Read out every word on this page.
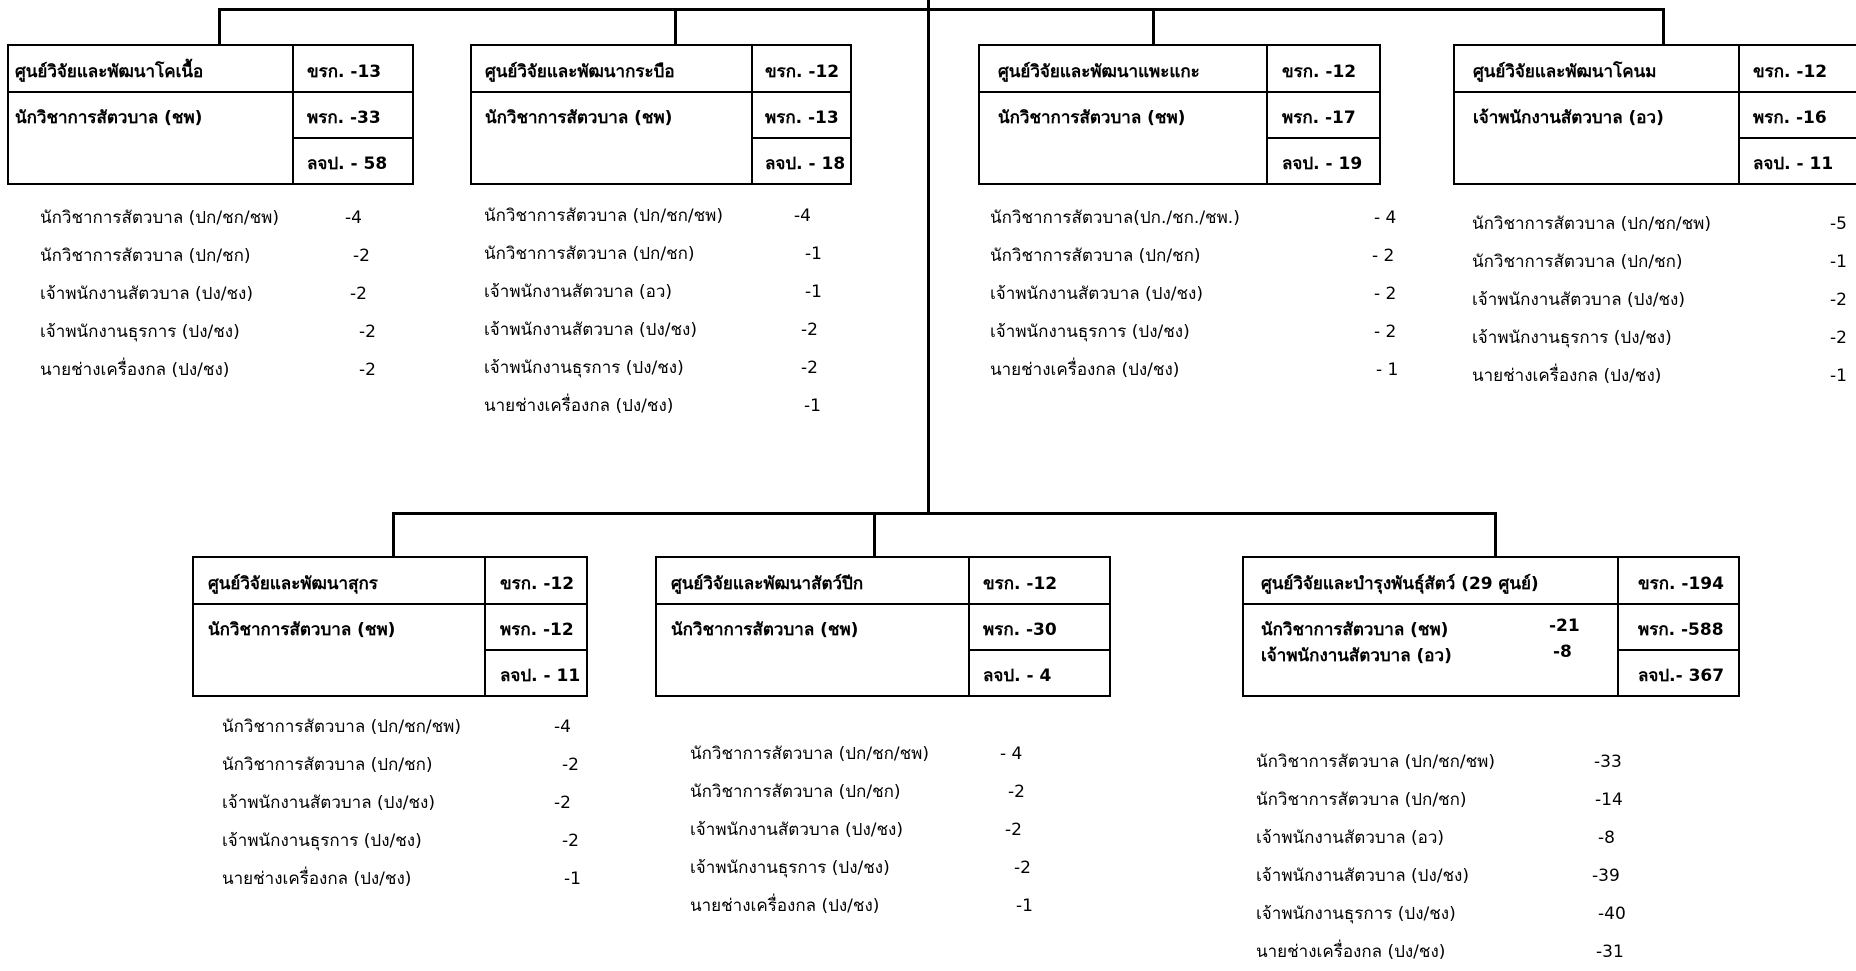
ศูนย์วิจัยและพัฒนาโคเนื้อ
นักวิชาการสัตวบาล (ชพ)
ขรก. -13
พรก. -33
ลจป. - 58
นักวิชาการสัตวบาล (ปก/ชก/ชพ)	-4
นักวิชาการสัตวบาล (ปก/ชก)	-2
เจ้าพนักงานสัตวบาล (ปง/ชง)	-2
เจ้าพนักงานธุรการ (ปง/ชง)	-2
นายช่างเครื่องกล (ปง/ชง)	-2
ศูนย์วิจัยและพัฒนากระบือ
นักวิชาการสัตวบาล (ชพ)
ขรก. -12
พรก. -13
ลจป. - 18
นักวิชาการสัตวบาล (ปก/ชก/ชพ)	-4
นักวิชาการสัตวบาล (ปก/ชก)	-1
เจ้าพนักงานสัตวบาล (อว)	-1
เจ้าพนักงานสัตวบาล (ปง/ชง)	-2
เจ้าพนักงานธุรการ (ปง/ชง)	-2
นายช่างเครื่องกล (ปง/ชง)	-1
ศูนย์วิจัยและพัฒนาแพะแกะ
นักวิชาการสัตวบาล (ชพ)
ขรก. -12
พรก. -17
ลจป. - 19
นักวิชาการสัตวบาล(ปก./ชก./ชพ.)	- 4
นักวิชาการสัตวบาล (ปก/ชก)	- 2
เจ้าพนักงานสัตวบาล (ปง/ชง)	- 2
เจ้าพนักงานธุรการ (ปง/ชง)	- 2
นายช่างเครื่องกล (ปง/ชง)	- 1
ศูนย์วิจัยและพัฒนาโคนม
เจ้าพนักงานสัตวบาล (อว)
ขรก. -12
พรก. -16
ลจป. - 11
นักวิชาการสัตวบาล (ปก/ชก/ชพ)	-5
นักวิชาการสัตวบาล (ปก/ชก)	-1
เจ้าพนักงานสัตวบาล (ปง/ชง)	-2
เจ้าพนักงานธุรการ (ปง/ชง)	-2
นายช่างเครื่องกล (ปง/ชง)	-1
ศูนย์วิจัยและพัฒนาสุกร
นักวิชาการสัตวบาล (ชพ)
ขรก. -12
พรก. -12
ลจป. - 11
นักวิชาการสัตวบาล (ปก/ชก/ชพ)	-4
นักวิชาการสัตวบาล (ปก/ชก)	-2
เจ้าพนักงานสัตวบาล (ปง/ชง)	-2
เจ้าพนักงานธุรการ (ปง/ชง)	-2
นายช่างเครื่องกล (ปง/ชง)	-1
ศูนย์วิจัยและพัฒนาสัตว์ปีก
นักวิชาการสัตวบาล (ชพ)
ขรก. -12
พรก. -30
ลจป. - 4
นักวิชาการสัตวบาล (ปก/ชก/ชพ)	- 4
นักวิชาการสัตวบาล (ปก/ชก)	-2
เจ้าพนักงานสัตวบาล (ปง/ชง)	-2
เจ้าพนักงานธุรการ (ปง/ชง)	-2
นายช่างเครื่องกล (ปง/ชง)	-1
ศูนย์วิจัยและบำรุงพันธุ์สัตว์ (29 ศูนย์)
นักวิชาการสัตวบาล (ชพ)	-21
เจ้าพนักงานสัตวบาล (อว)	-8
ขรก. -194
พรก. -588
ลจป.- 367
นักวิชาการสัตวบาล (ปก/ชก/ชพ)	-33
นักวิชาการสัตวบาล (ปก/ชก)	-14
เจ้าพนักงานสัตวบาล (อว)	-8
เจ้าพนักงานสัตวบาล (ปง/ชง)	-39
เจ้าพนักงานธุรการ (ปง/ชง)	-40
นายช่างเครื่องกล (ปง/ชง)	-31
